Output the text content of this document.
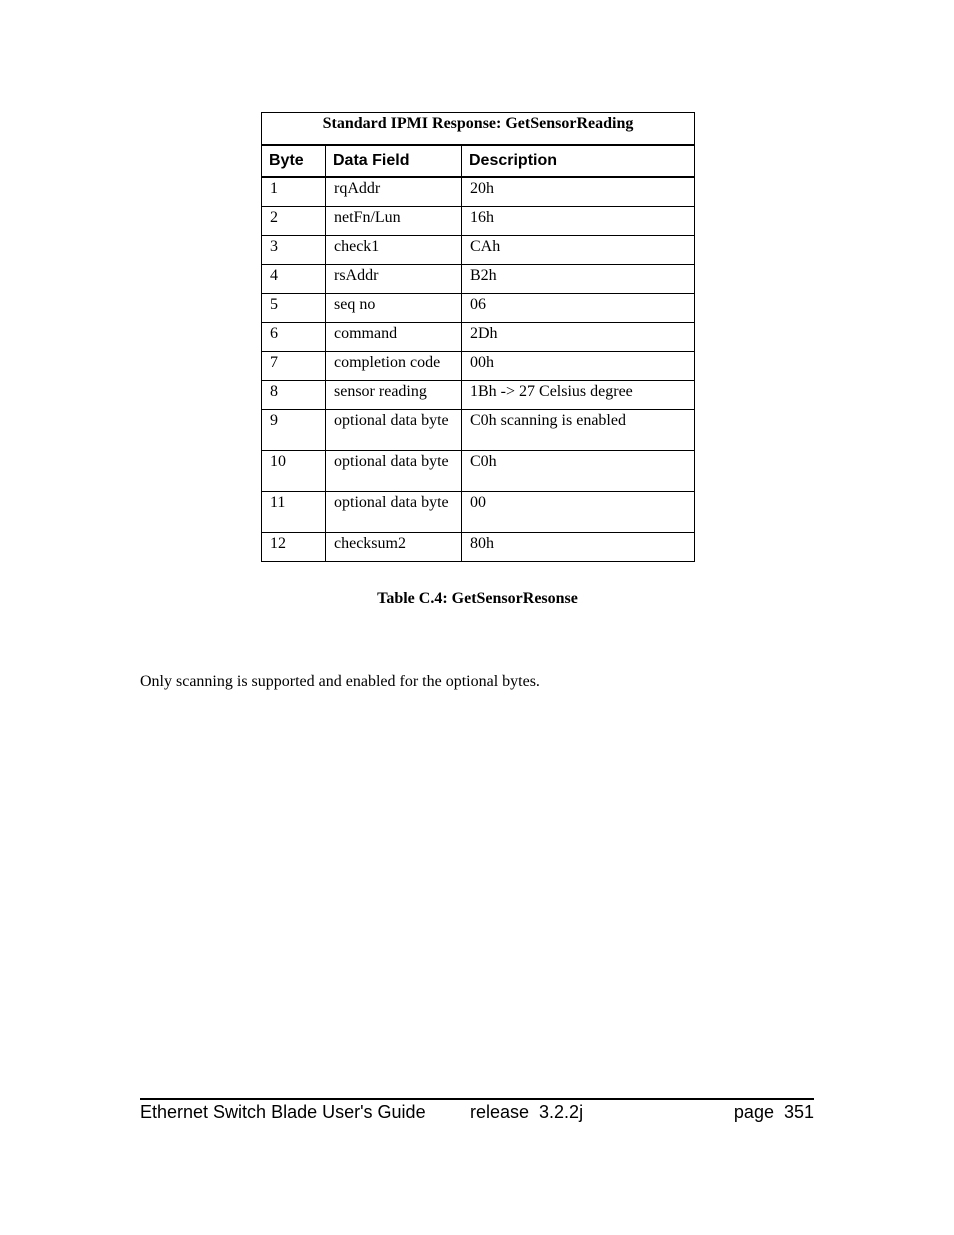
Standard IPMI Response: GetSensorReading		
Byte	Data Field	Description
1	rqAddr	20h
2	netFn/Lun	16h
3	check1	CAh
4	rsAddr	B2h
5	seq no	06
6	command	2Dh
7	completion code	00h
8	sensor reading	1Bh -> 27 Celsius degree
9	optional data byte	C0h scanning is enabled
10	optional data byte	C0h
11	optional data byte	00
12	checksum2	80h
Table C.4: GetSensorResonse

Only scanning is supported and enabled for the optional bytes.

Ethernet Switch Blade User's Guide release  3.2.2j	page  351
